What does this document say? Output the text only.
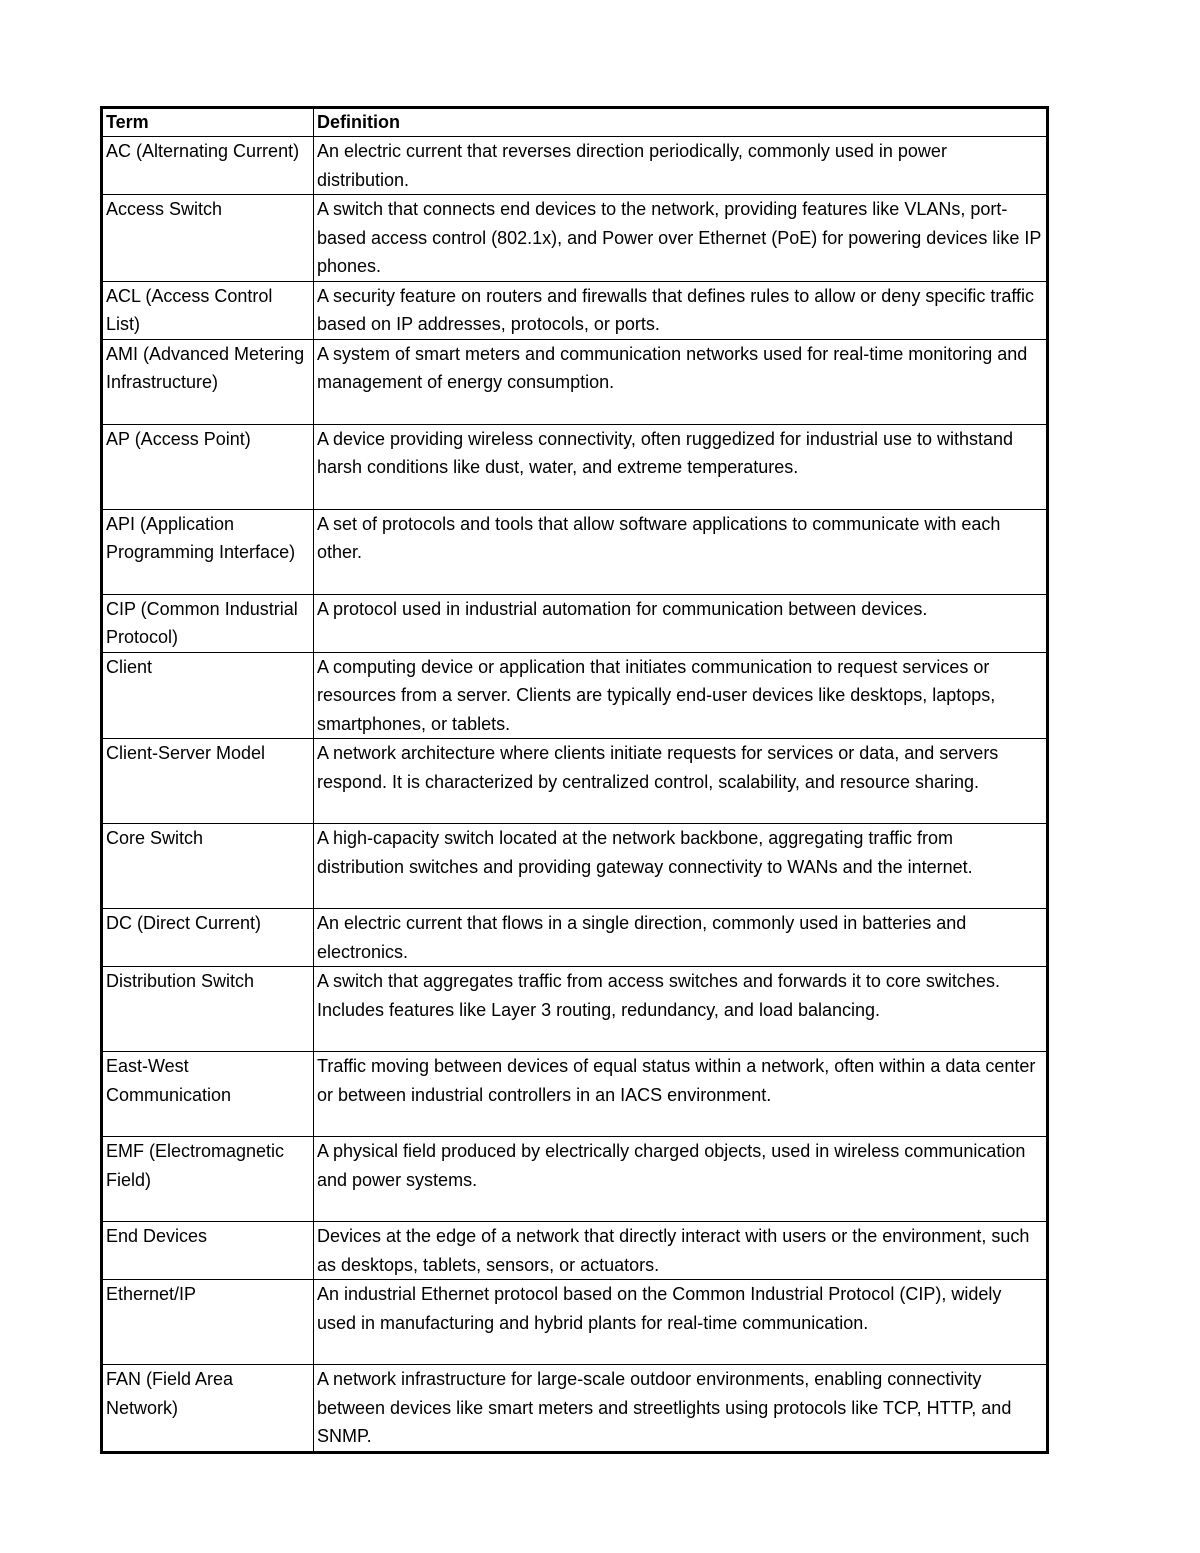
Term	Definition
AC (Alternating Current)	An electric current that reverses direction periodically, commonly used in power distribution.
Access Switch	A switch that connects end devices to the network, providing features like VLANs, port-based access control (802.1x), and Power over Ethernet (PoE) for powering devices like IP phones.
ACL (Access Control List)	A security feature on routers and firewalls that defines rules to allow or deny specific traffic based on IP addresses, protocols, or ports.
AMI (Advanced Metering Infrastructure)	A system of smart meters and communication networks used for real-time monitoring and management of energy consumption.
AP (Access Point)	A device providing wireless connectivity, often ruggedized for industrial use to withstand harsh conditions like dust, water, and extreme temperatures.
API (Application Programming Interface)	A set of protocols and tools that allow software applications to communicate with each other.
CIP (Common Industrial Protocol)	A protocol used in industrial automation for communication between devices.
Client	A computing device or application that initiates communication to request services or resources from a server. Clients are typically end-user devices like desktops, laptops, smartphones, or tablets.
Client-Server Model	A network architecture where clients initiate requests for services or data, and servers respond. It is characterized by centralized control, scalability, and resource sharing.
Core Switch	A high-capacity switch located at the network backbone, aggregating traffic from distribution switches and providing gateway connectivity to WANs and the internet.
DC (Direct Current)	An electric current that flows in a single direction, commonly used in batteries and electronics.
Distribution Switch	A switch that aggregates traffic from access switches and forwards it to core switches. Includes features like Layer 3 routing, redundancy, and load balancing.
East-West Communication	Traffic moving between devices of equal status within a network, often within a data center or between industrial controllers in an IACS environment.
EMF (Electromagnetic Field)	A physical field produced by electrically charged objects, used in wireless communication and power systems.
End Devices	Devices at the edge of a network that directly interact with users or the environment, such as desktops, tablets, sensors, or actuators.
Ethernet/IP	An industrial Ethernet protocol based on the Common Industrial Protocol (CIP), widely used in manufacturing and hybrid plants for real-time communication.
FAN (Field Area Network)	A network infrastructure for large-scale outdoor environments, enabling connectivity between devices like smart meters and streetlights using protocols like TCP, HTTP, and SNMP.
